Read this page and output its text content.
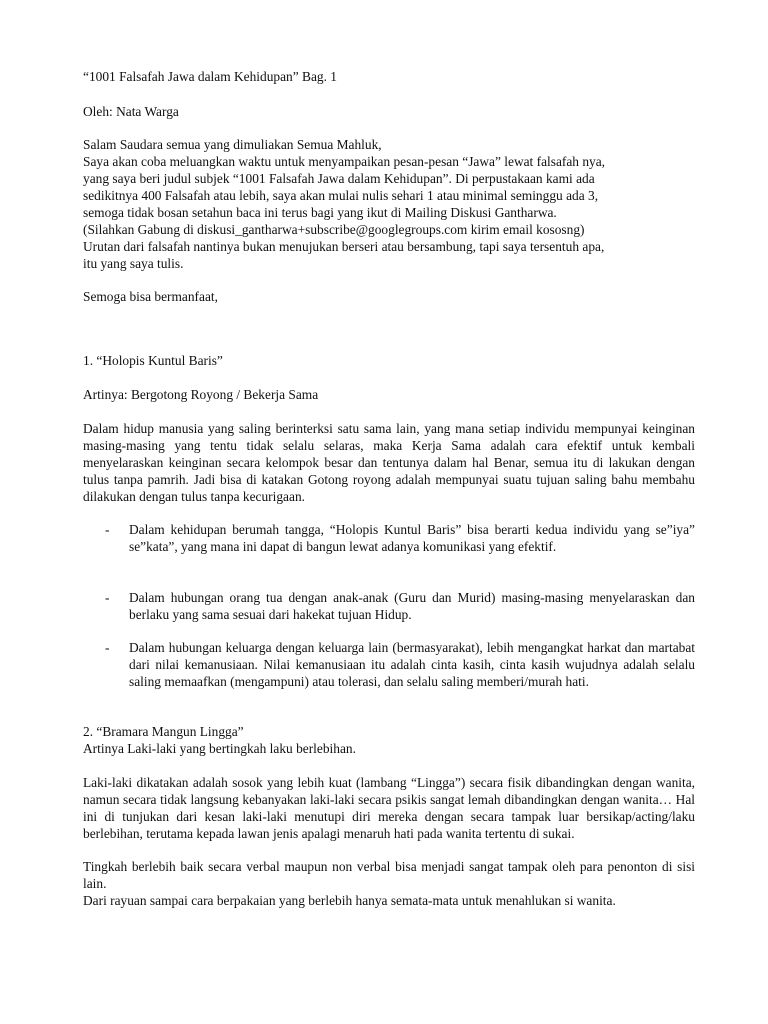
“1001 Falsafah Jawa dalam Kehidupan” Bag. 1
Oleh: Nata Warga
Salam Saudara semua yang dimuliakan Semua Mahluk,
Saya akan coba meluangkan waktu untuk menyampaikan pesan-pesan “Jawa” lewat falsafah nya,
yang saya beri judul subjek “1001 Falsafah Jawa dalam Kehidupan”. Di perpustakaan kami ada
sedikitnya 400 Falsafah atau lebih, saya akan mulai nulis sehari 1 atau minimal seminggu ada 3,
semoga tidak bosan setahun baca ini terus bagi yang ikut di Mailing Diskusi Gantharwa.
(Silahkan Gabung di diskusi_gantharwa+subscribe@googlegroups.com kirim email kososng)
Urutan dari falsafah nantinya bukan menujukan berseri atau bersambung, tapi saya tersentuh apa,
itu yang saya tulis.
Semoga bisa bermanfaat,
1. “Holopis Kuntul Baris”
Artinya: Bergotong Royong / Bekerja Sama
Dalam hidup manusia yang saling berinterksi satu sama lain, yang mana setiap individu mempunyai keinginan masing-masing yang tentu tidak selalu selaras, maka Kerja Sama adalah cara efektif untuk kembali menyelaraskan keinginan secara kelompok besar dan tentunya dalam hal Benar, semua itu di lakukan dengan tulus tanpa pamrih. Jadi bisa di katakan Gotong royong adalah mempunyai suatu tujuan saling bahu membahu dilakukan dengan tulus tanpa kecurigaan.
- Dalam kehidupan berumah tangga, “Holopis Kuntul Baris” bisa berarti kedua individu yang se”iya” se”kata”, yang mana ini dapat di bangun lewat adanya komunikasi yang efektif.
- Dalam hubungan orang tua dengan anak-anak (Guru dan Murid) masing-masing menyelaraskan dan berlaku yang sama sesuai dari hakekat tujuan Hidup.
- Dalam hubungan keluarga dengan keluarga lain (bermasyarakat), lebih mengangkat harkat dan martabat dari nilai kemanusiaan. Nilai kemanusiaan itu adalah cinta kasih, cinta kasih wujudnya adalah selalu saling memaafkan (mengampuni) atau tolerasi, dan selalu saling memberi/murah hati.
2. “Bramara Mangun Lingga”
Artinya Laki-laki yang bertingkah laku berlebihan.
Laki-laki dikatakan adalah sosok yang lebih kuat (lambang “Lingga”) secara fisik dibandingkan dengan wanita, namun secara tidak langsung kebanyakan laki-laki secara psikis sangat lemah dibandingkan dengan wanita… Hal ini di tunjukan dari kesan laki-laki menutupi diri mereka dengan secara tampak luar bersikap/acting/laku berlebihan, terutama kepada lawan jenis apalagi menaruh hati pada wanita tertentu di sukai.
Tingkah berlebih baik secara verbal maupun non verbal bisa menjadi sangat tampak oleh para penonton di sisi lain.
Dari rayuan sampai cara berpakaian yang berlebih hanya semata-mata untuk menahlukan si wanita.
